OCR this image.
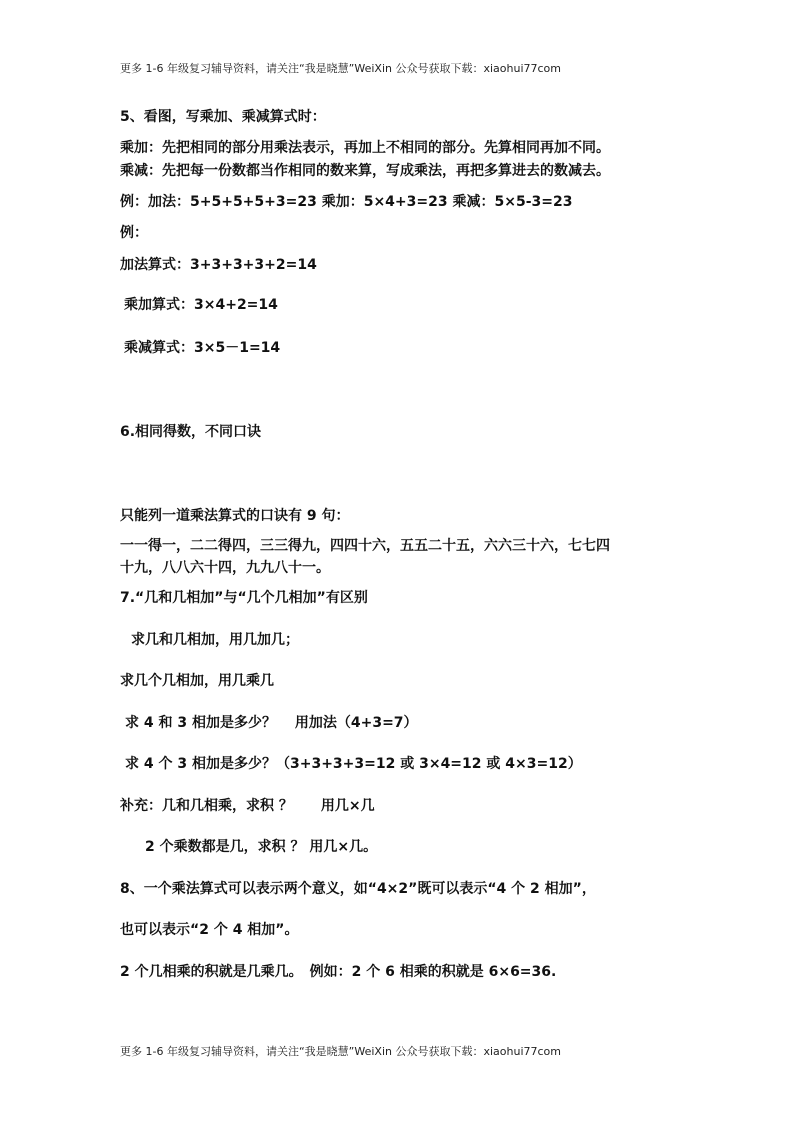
更多 1-6 年级复习辅导资料，请关注“我是晓慧”WeiXin 公众号获取下载：xiaohui77com
5、看图，写乘加、乘减算式时：
乘加：先把相同的部分用乘法表示，再加上不相同的部分。先算相同再加不同。
乘减：先把每一份数都当作相同的数来算，写成乘法，再把多算进去的数减去。
例：加法：5+5+5+5+3=23 乘加：5×4+3=23 乘减：5×5-3=23
例：
加法算式：3+3+3+3+2=14
乘加算式：3×4+2=14
乘减算式：3×5－1=14
6.相同得数，不同口诀
只能列一道乘法算式的口诀有 9 句：
一一得一，二二得四，三三得九，四四十六，五五二十五，六六三十六，七七四
十九，八八六十四，九九八十一。
7.“几和几相加”与“几个几相加”有区别
求几和几相加，用几加几；
求几个几相加，用几乘几
求 4 和 3 相加是多少？　 用加法（4+3=7）
求 4 个 3 相加是多少？（3+3+3+3=12 或 3×4=12 或 4×3=12）
补充：几和几相乘，求积 ？　　用几×几
2 个乘数都是几，求积 ？ 用几×几。
8、一个乘法算式可以表示两个意义，如“4×2”既可以表示“4 个 2 相加”，
也可以表示“2 个 4 相加”。
2 个几相乘的积就是几乘几。　例如：2 个 6 相乘的积就是 6×6=36.
更多 1-6 年级复习辅导资料，请关注“我是晓慧”WeiXin 公众号获取下载：xiaohui77com
